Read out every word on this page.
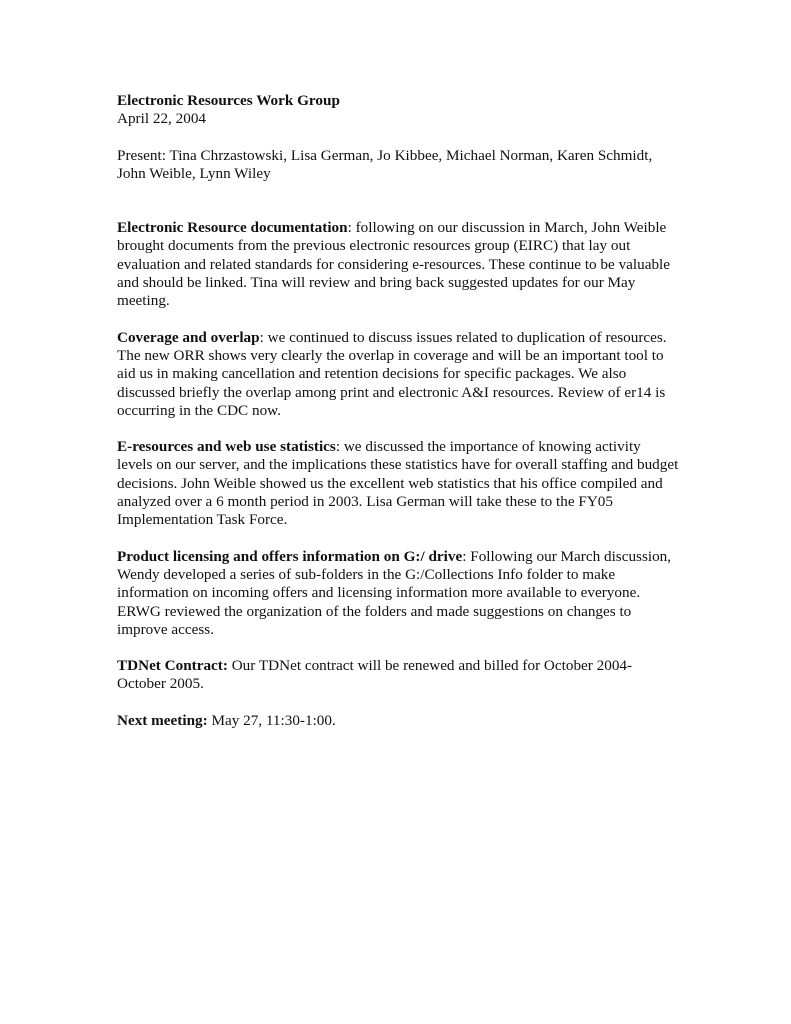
Electronic Resources Work Group

April 22, 2004

Present: Tina Chrzastowski, Lisa German, Jo Kibbee, Michael Norman, Karen Schmidt,

John Weible, Lynn Wiley

Electronic Resource documentation: following on our discussion in March, John Weible

brought documents from the previous electronic resources group (EIRC) that lay out

evaluation and related standards for considering e-resources. These continue to be valuable

and should be linked. Tina will review and bring back suggested updates for our May

meeting.

Coverage and overlap: we continued to discuss issues related to duplication of resources.

The new ORR shows very clearly the overlap in coverage and will be an important tool to

aid us in making cancellation and retention decisions for specific packages. We also

discussed briefly the overlap among print and electronic A&I resources. Review of er14 is

occurring in the CDC now.

E-resources and web use statistics: we discussed the importance of knowing activity

levels on our server, and the implications these statistics have for overall staffing and budget

decisions. John Weible showed us the excellent web statistics that his office compiled and

analyzed over a 6 month period in 2003. Lisa German will take these to the FY05

Implementation Task Force.

Product licensing and offers information on G:/ drive: Following our March discussion,

Wendy developed a series of sub-folders in the G:/Collections Info folder to make

information on incoming offers and licensing information more available to everyone.

ERWG reviewed the organization of the folders and made suggestions on changes to

improve access.

TDNet Contract: Our TDNet contract will be renewed and billed for October 2004-

October 2005.

Next meeting: May 27, 11:30-1:00.
